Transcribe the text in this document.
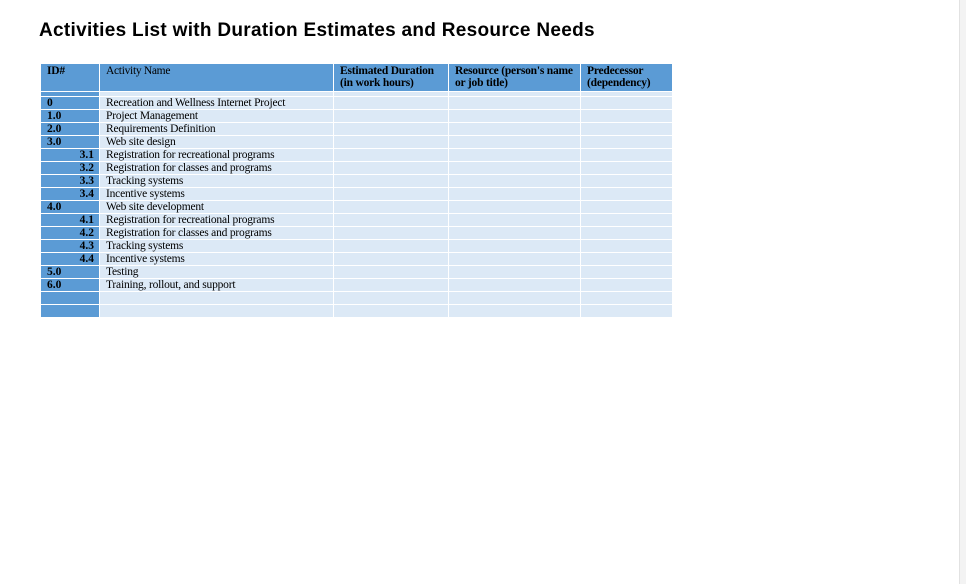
Activities List with Duration Estimates and Resource Needs
ID#	Activity Name	Estimated Duration (in work hours)	Resource (person's name or job title)	Predecessor (dependency)

0	Recreation and Wellness Internet Project			
1.0	Project Management			
2.0	Requirements Definition			
3.0	Web site design			
3.1	Registration for recreational programs			
3.2	Registration for classes and programs			
3.3	Tracking systems			
3.4	Incentive systems			
4.0	Web site development			
4.1	Registration for recreational programs			
4.2	Registration for classes and programs			
4.3	Tracking systems			
4.4	Incentive systems			
5.0	Testing			
6.0	Training, rollout, and support			
